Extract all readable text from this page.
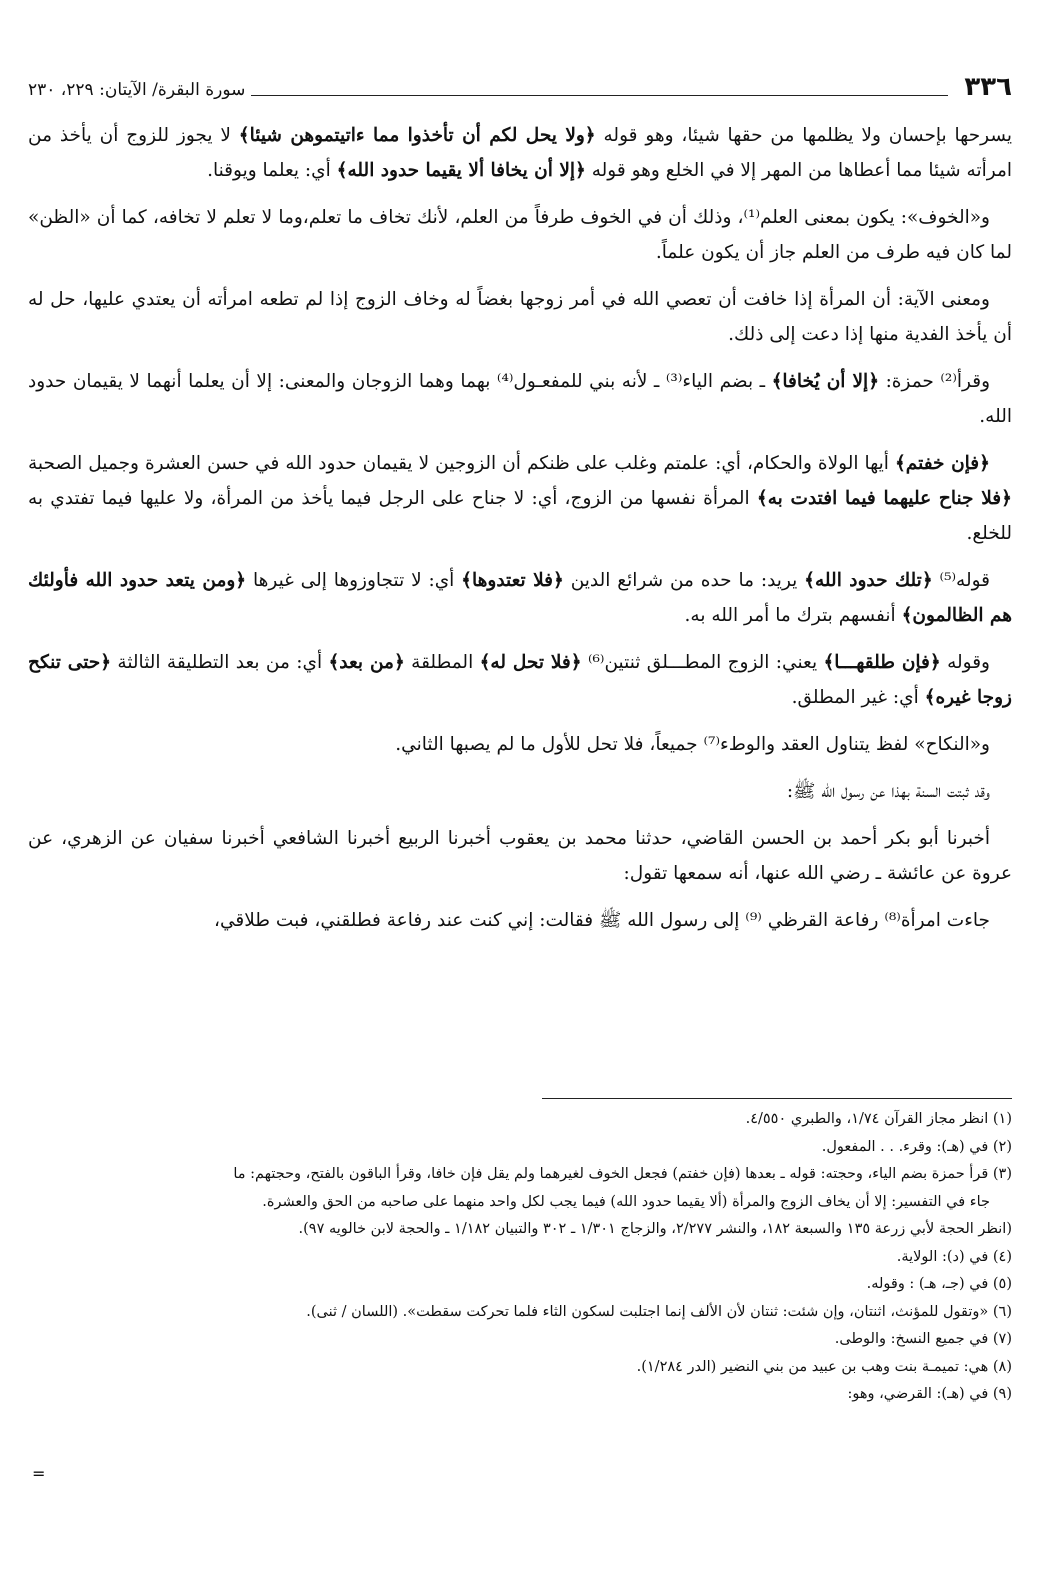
٣٣٦
سورة البقرة/ الآيتان: ٢٢٩، ٢٣٠

يسرحها بإحسان ولا يظلمها من حقها شيئا، وهو قوله ﴿ولا يحل لكم أن تأخذوا مما ءاتيتموهن شيئا﴾ لا يجوز للزوج أن يأخذ من امرأته شيئا مما أعطاها من المهر إلا في الخلع وهو قوله ﴿إلا أن يخافا ألا يقيما حدود الله﴾ أي: يعلما ويوقنا.

و«الخوف»: يكون بمعنى العلم⁽¹⁾، وذلك أن في الخوف طرفاً من العلم، لأنك تخاف ما تعلم،وما لا تعلم لا تخافه، كما أن «الظن» لما كان فيه طرف من العلم جاز أن يكون علماً.

ومعنى الآية: أن المرأة إذا خافت أن تعصي الله في أمر زوجها بغضاً له وخاف الزوج إذا لم تطعه امرأته أن يعتدي عليها، حل له أن يأخذ الفدية منها إذا دعت إلى ذلك.

وقرأ⁽²⁾ حمزة: ﴿إلا أن يُخافا﴾ ـ بضم الياء⁽³⁾ ـ لأنه بني للمفعـول⁽⁴⁾ بهما وهما الزوجان والمعنى: إلا أن يعلما أنهما لا يقيمان حدود الله.

﴿فإن خفتم﴾ أيها الولاة والحكام، أي: علمتم وغلب على ظنكم أن الزوجين لا يقيمان حدود الله في حسن العشرة وجميل الصحبة ﴿فلا جناح عليهما فيما افتدت به﴾ المرأة نفسها من الزوج، أي: لا جناح على الرجل فيما يأخذ من المرأة، ولا عليها فيما تفتدي به للخلع.

قوله⁽⁵⁾ ﴿تلك حدود الله﴾ يريد: ما حده من شرائع الدين ﴿فلا تعتدوها﴾ أي: لا تتجاوزوها إلى غيرها ﴿ومن يتعد حدود الله فأولئك هم الظالمون﴾ أنفسهم بترك ما أمر الله به.

وقوله ﴿فإن طلقهـــا﴾ يعني: الزوج المطـــلق ثنتين⁽⁶⁾ ﴿فلا تحل له﴾ المطلقة ﴿من بعد﴾ أي: من بعد التطليقة الثالثة ﴿حتى تنكح زوجا غيره﴾ أي: غير المطلق.

و«النكاح» لفظ يتناول العقد والوطء⁽⁷⁾ جميعاً، فلا تحل للأول ما لم يصبها الثاني.

وقد ثبتت السنة بهذا عن رسول الله ﷺ:

أخبرنا أبو بكر أحمد بن الحسن القاضي، حدثنا محمد بن يعقوب أخبرنا الربيع أخبرنا الشافعي أخبرنا سفيان عن الزهري، عن عروة عن عائشة ـ رضي الله عنها، أنه سمعها تقول:

جاءت امرأة⁽⁸⁾ رفاعة القرظي ⁽⁹⁾ إلى رسول الله ﷺ فقالت: إني كنت عند رفاعة فطلقني، فبت طلاقي،

(١) انظر مجاز القرآن ١/٧٤، والطبري ٤/٥٥٠.

(٢) في (هـ): وقرء. . . المفعول.

(٣) قرأ حمزة بضم الياء، وحجته: قوله ـ بعدها (فإن خفتم) فجعل الخوف لغيرهما ولم يقل فإن خافا، وقرأ الباقون بالفتح، وحجتهم: ما

جاء في التفسير: إلا أن يخاف الزوج والمرأة (ألا يقيما حدود الله) فيما يجب لكل واحد منهما على صاحبه من الحق والعشرة.

(انظر الحجة لأبي زرعة ١٣٥ والسبعة ١٨٢، والنشر ٢/٢٧٧، والزجاج ١/٣٠١ ـ ٣٠٢ والتبيان ١/١٨٢ ـ والحجة لابن خالويه ٩٧).

(٤) في (د): الولاية.

(٥) في (جـ، هـ) : وقوله.

(٦) «وتقول للمؤنث، اثنتان، وإن شئت: ثنتان لأن الألف إنما اجتلبت لسكون الثاء فلما تحركت سقطت». (اللسان / ثنى).

(٧) في جميع النسخ: والوطى.

(٨) هي: تميمـة بنت وهب بن عبيد من بني النضير (الدر ١/٢٨٤).

(٩) في (هـ): القرضي، وهو:

=
